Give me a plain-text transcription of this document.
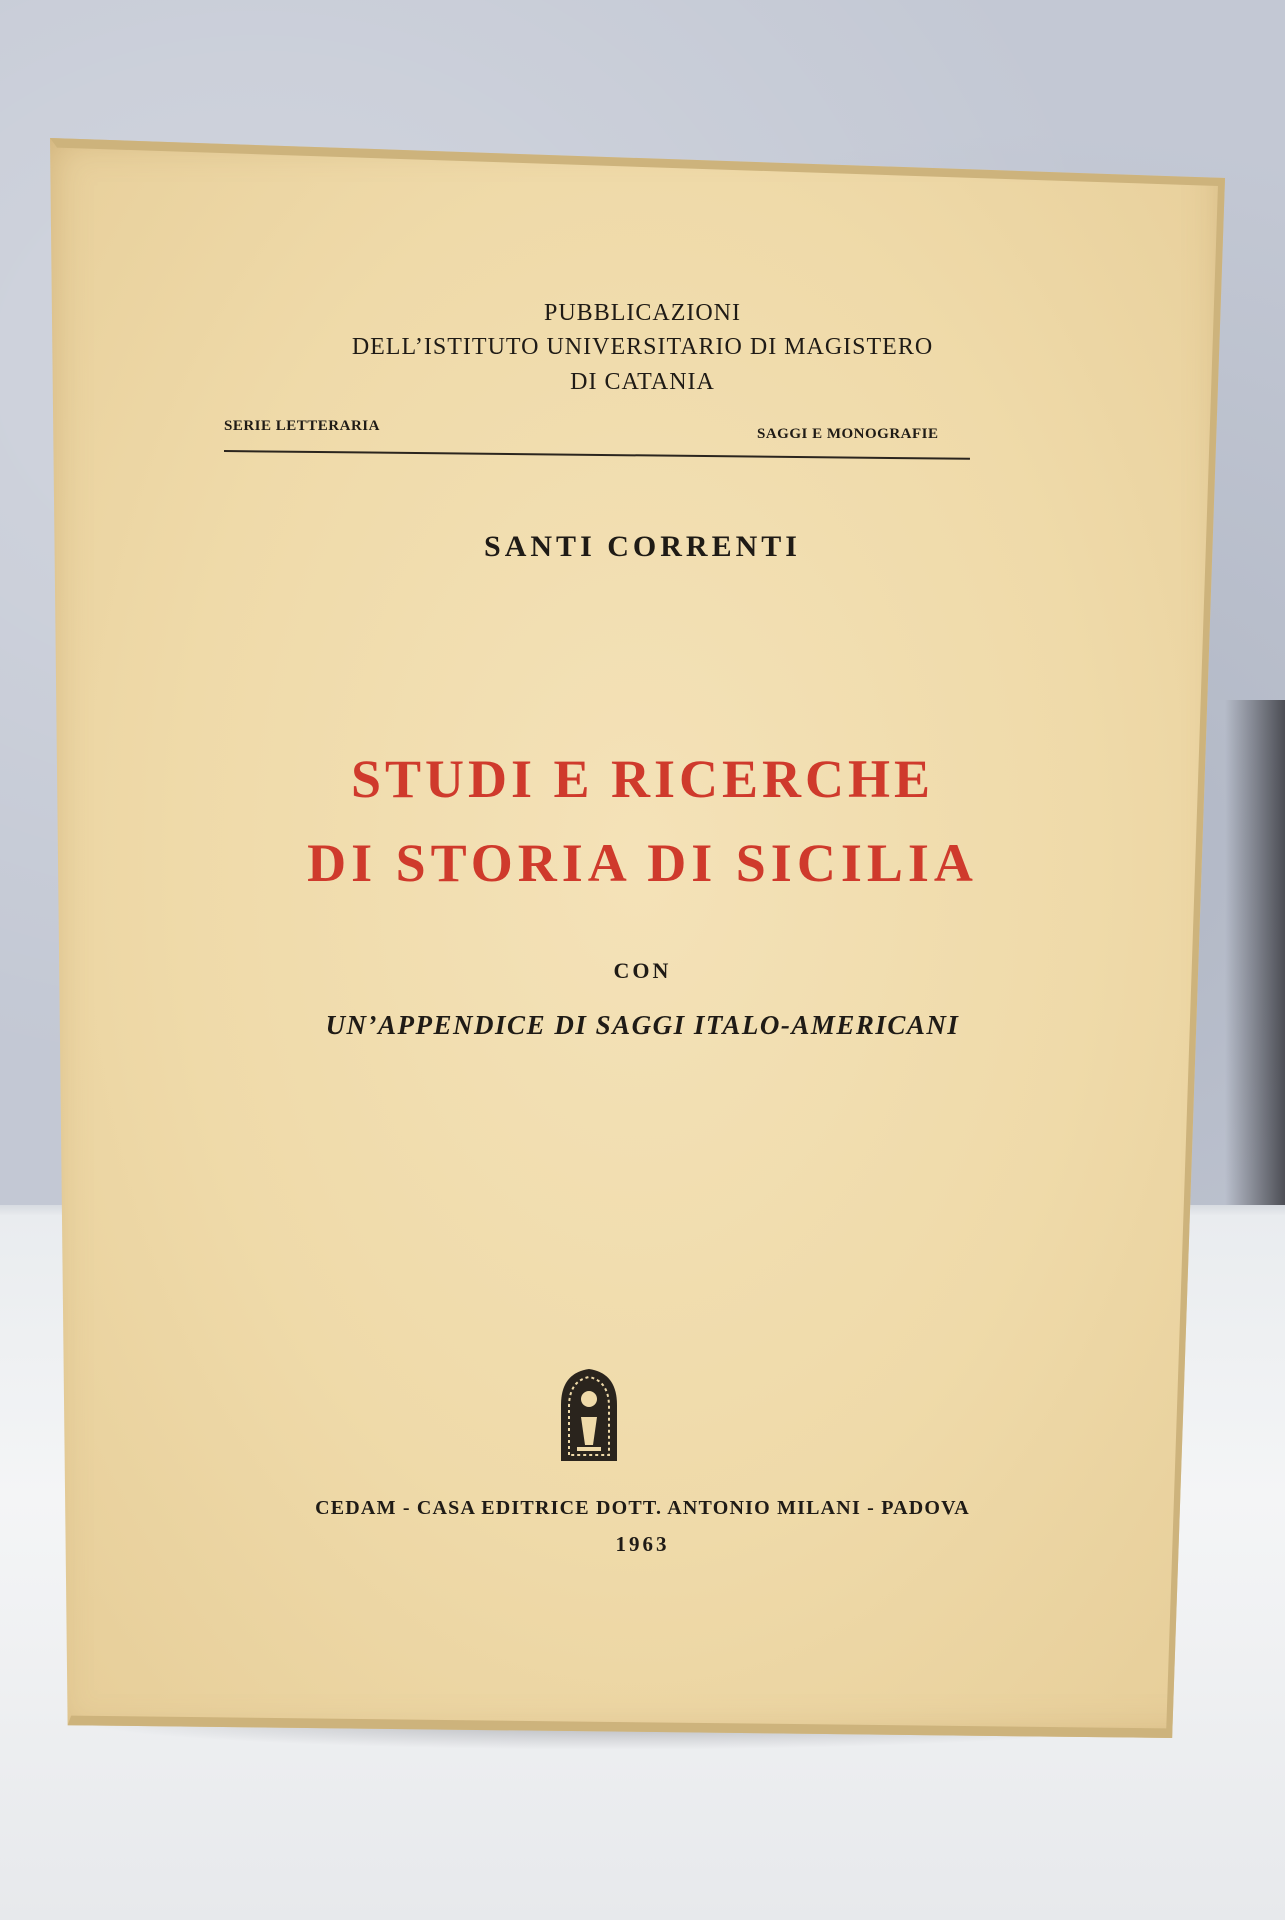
PUBBLICAZIONI
DELL’ISTITUTO UNIVERSITARIO DI MAGISTERO
DI CATANIA
SERIE LETTERARIA	SAGGI E MONOGRAFIE
SANTI CORRENTI
STUDI E RICERCHE
DI STORIA DI SICILIA
CON
UN’APPENDICE DI SAGGI ITALO-AMERICANI
CEDAM - CASA EDITRICE DOTT. ANTONIO MILANI - PADOVA
1963
